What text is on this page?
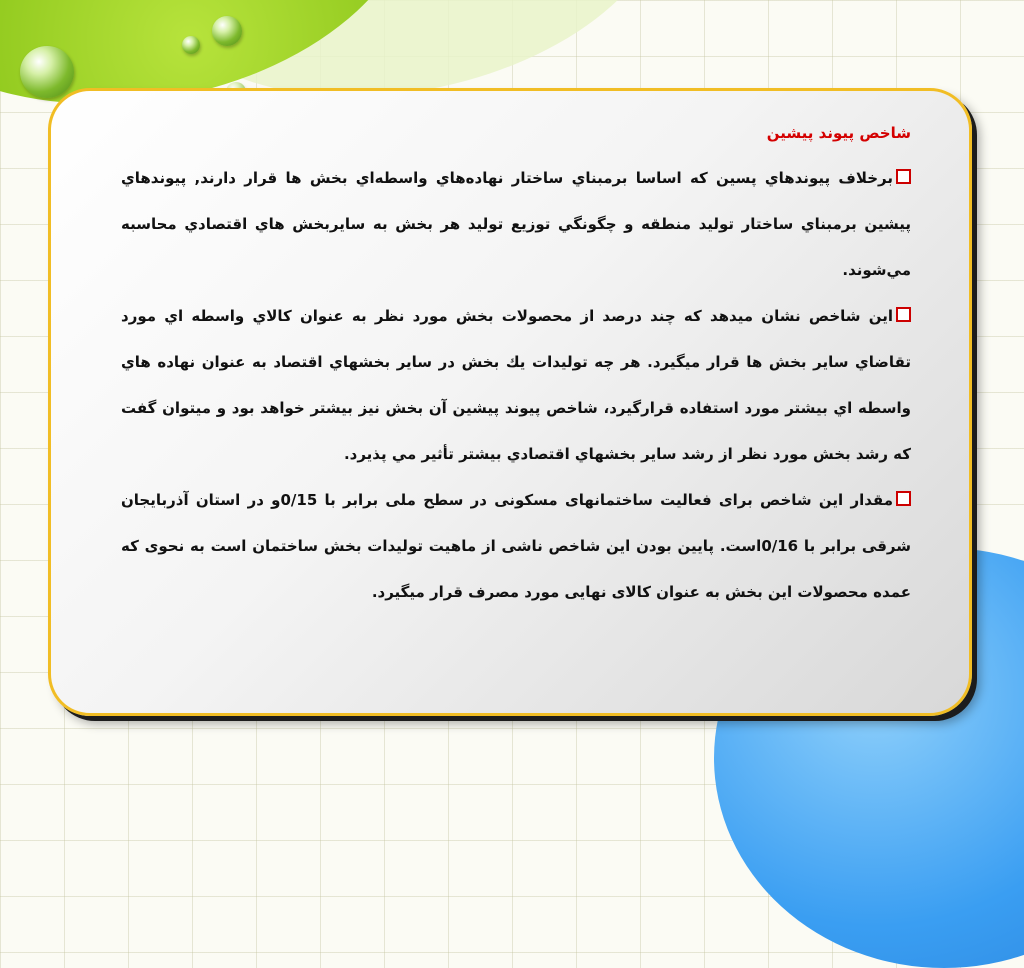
شاخص پیوند پیشین

برخلاف پيوندهاي پسين که اساسا برمبناي ساختار نهاده‌هاي واسطه‌اي بخش ها قرار دارند, پيوندهاي پيشين برمبناي ساختار توليد منطقه و چگونگي توزيع توليد هر بخش به سايربخش هاي اقتصادي محاسبه مي‌شوند.

اين شاخص نشان ميدهد که چند درصد از محصولات بخش مورد نظر به عنوان کالاي واسطه اي مورد تقاضاي ساير بخش ها قرار ميگيرد. هر چه توليدات يك بخش در ساير بخشهاي اقتصاد به عنوان نهاده هاي واسطه اي بيشتر مورد استفاده قرارگيرد، شاخص پيوند پيشين آن بخش نيز بيشتر خواهد بود و ميتوان گفت كه رشد بخش مورد نظر از رشد ساير بخشهاي اقتصادي بيشتر تأثير مي پذيرد.

مقدار این شاخص برای فعالیت ساختمانهای مسکونی در سطح ملی برابر با 0/15و در استان آذربایجان شرقی برابر با 0/16است. پایین بودن این شاخص ناشی از ماهیت تولیدات بخش ساختمان است به نحوی که عمده محصولات این بخش به عنوان کالای نهایی مورد مصرف قرار میگیرد.
